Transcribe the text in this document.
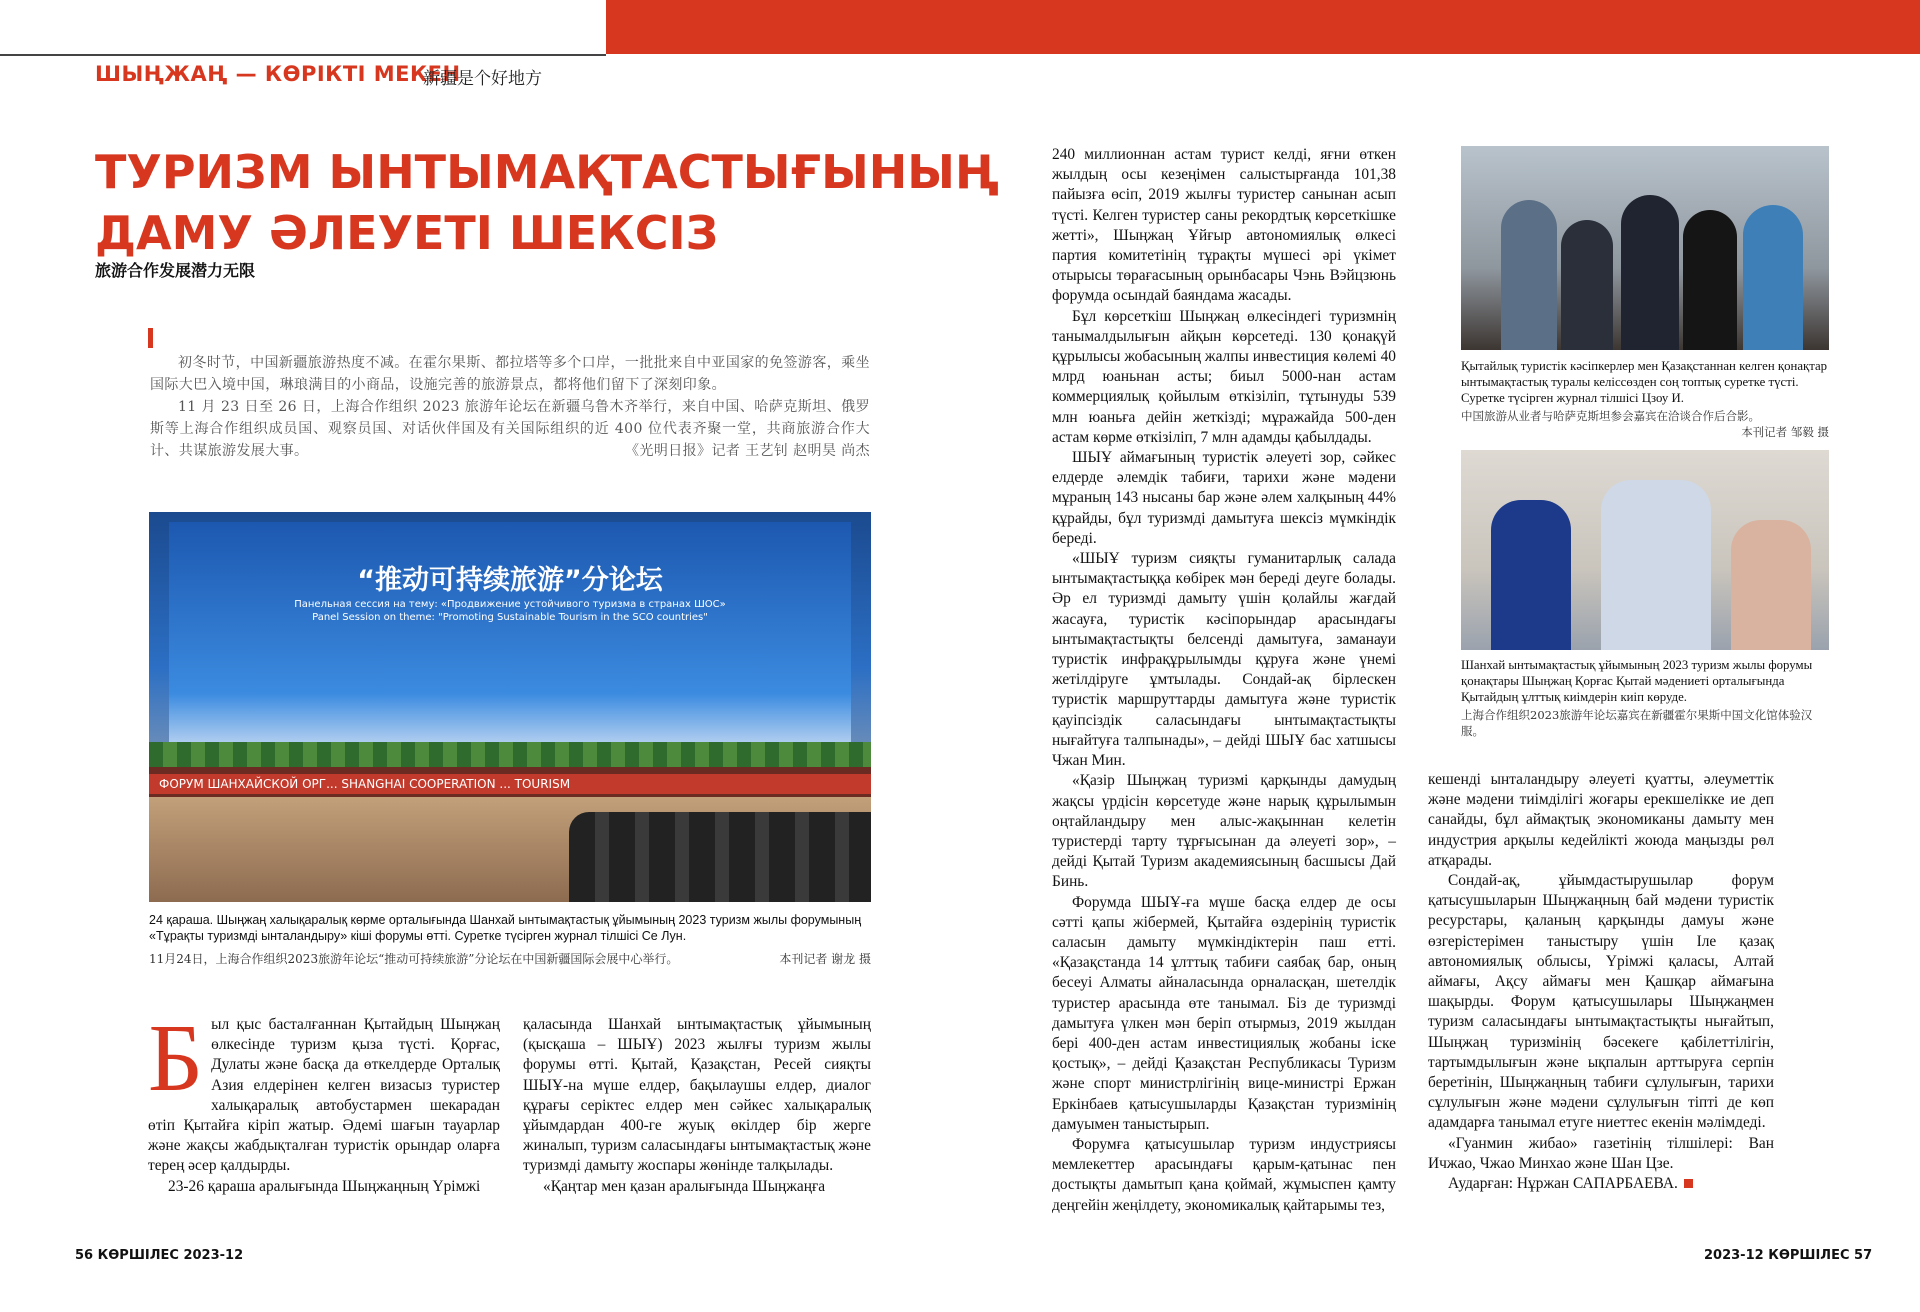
ШЫҢЖАҢ — КӨРІКТІ МЕКЕН
新疆是个好地方
ТУРИЗМ ЫНТЫМАҚТАСТЫҒЫНЫҢ
ДАМУ ӘЛЕУЕТІ ШЕКСІЗ
旅游合作发展潜力无限

初冬时节，中国新疆旅游热度不减。在霍尔果斯、都拉塔等多个口岸，一批批来自中亚国家的免签游客，乘坐国际大巴入境中国，琳琅满目的小商品，设施完善的旅游景点，都将他们留下了深刻印象。

11 月 23 日至 26 日，上海合作组织 2023 旅游年论坛在新疆乌鲁木齐举行，来自中国、哈萨克斯坦、俄罗斯等上海合作组织成员国、观察员国、对话伙伴国及有关国际组织的近 400 位代表齐聚一堂，共商旅游合作大计、共谋旅游发展大事。	《光明日报》记者 王艺钊 赵明昊 尚杰

“推动可持续旅游”分论坛
Панельная сессия на тему: «Продвижение устойчивого туризма в странах ШОС»
Panel Session on theme: "Promoting Sustainable Tourism in the SCO countries"
ФОРУМ ШАНХАЙСКОЙ ОРГ... SHANGHAI COOPERATION ... TOURISM
24 қараша. Шыңжаң халықаралық көрме орталығында Шанхай ынтымақтастық ұйымының 2023 туризм жылы форумының «Тұрақты туризмді ынталандыру» кіші форумы өтті. Суретке түсірген журнал тілшісі Се Лун.
11月24日，上海合作组织2023旅游年论坛“推动可持续旅游”分论坛在中国新疆国际会展中心举行。	本刊记者 谢龙 摄

Был қыс басталғаннан Қытайдың Шыңжаң өлкесінде туризм қыза түсті. Қорғас, Дулаты және басқа да өткелдерде Орталық Азия елдерінен келген визасыз туристер халықаралық автобустармен шекарадан өтіп Қытайға кіріп жатыр. Әдемі шағын тауарлар және жақсы жабдықталған туристік орындар оларға терең әсер қалдырды.

23-26 қараша аралығында Шыңжаңның Үрімжі

қаласында Шанхай ынтымақтастық ұйымының (қысқаша – ШЫҰ) 2023 жылғы туризм жылы форумы өтті. Қытай, Қазақстан, Ресей сияқты ШЫҰ-на мүше елдер, бақылаушы елдер, диалог құрағы серіктес елдер мен сәйкес халықаралық ұйымдардан 400-ге жуық өкілдер бір жерге жиналып, туризм саласындағы ынтымақтастық және туризмді дамыту жоспары жөнінде талқылады.

«Қаңтар мен қазан аралығында Шыңжаңға

240 миллионнан астам турист келді, яғни өткен жылдың осы кезеңімен салыстырғанда 101,38 пайызға өсіп, 2019 жылғы туристер санынан асып түсті. Келген туристер саны рекордтық көрсеткішке жетті», Шыңжаң Ұйғыр автономиялық өлкесі партия комитетінің тұрақты мүшесі әрі үкімет отырысы төрағасының орынбасары Чэнь Вэйцзюнь форумда осындай баяндама жасады.

Бұл көрсеткіш Шыңжаң өлкесіндегі туризмнің танымалдылығын айқын көрсетеді. 130 қонақүй құрылысы жобасының жалпы инвестиция көлемі 40 млрд юаньнан асты; биыл 5000-нан астам коммерциялық қойылым өткізіліп, тұтынуды 539 млн юаньға дейін жеткізді; мұражайда 500-ден астам көрме өткізіліп, 7 млн адамды қабылдады.

ШЫҰ аймағының туристік әлеуеті зор, сәйкес елдерде әлемдік табиғи, тарихи және мәдени мұраның 143 нысаны бар және әлем халқының 44% құрайды, бұл туризмді дамытуға шексіз мүмкіндік береді.

«ШЫҰ туризм сияқты гуманитарлық салада ынтымақтастыққа көбірек мән береді деуге болады. Әр ел туризмді дамыту үшін қолайлы жағдай жасауға, туристік кәсіпорындар арасындағы ынтымақтастықты белсенді дамытуға, заманауи туристік инфрақұрылымды құруға және үнемі жетілдіруге ұмтылады. Сондай-ақ бірлескен туристік маршруттарды дамытуға және туристік қауіпсіздік саласындағы ынтымақтастықты нығайтуға талпынады», – дейді ШЫҰ бас хатшысы Чжан Мин.

«Қазір Шыңжаң туризмі қарқынды дамудың жақсы үрдісін көрсетуде және нарық құрылымын оңтайландыру мен алыс-жақыннан келетін туристерді тарту тұрғысынан да әлеуеті зор», – дейді Қытай Туризм академиясының басшысы Дай Бинь.

Форумда ШЫҰ-ға мүше басқа елдер де осы сәтті қапы жібермей, Қытайға өздерінің туристік саласын дамыту мүмкіндіктерін паш етті. «Қазақстанда 14 ұлттық табиғи саябақ бар, оның бесеуі Алматы айналасында орналасқан, шетелдік туристер арасында өте танымал. Біз де туризмді дамытуға үлкен мән беріп отырмыз, 2019 жылдан бері 400-ден астам инвестициялық жобаны іске қостық», – дейді Қазақстан Республикасы Туризм және спорт министрлігінің вице-министрі Ержан Еркінбаев қатысушыларды Қазақстан туризмінің дамуымен таныстырып.

Форумға қатысушылар туризм индустриясы мемлекеттер арасындағы қарым-қатынас пен достықты дамытып қана қоймай, жұмыспен қамту деңгейін жеңілдету, экономикалық қайтарымы тез,

кешенді ынталандыру әлеуеті қуатты, әлеуметтік және мәдени тиімділігі жоғары ерекшелікке ие деп санайды, бұл аймақтық экономиканы дамыту мен индустрия арқылы кедейлікті жоюда маңызды рөл атқарады.

Сондай-ақ, ұйымдастырушылар форум қатысушыларын Шыңжаңның бай мәдени туристік ресурстары, қаланың қарқынды дамуы және өзгерістерімен таныстыру үшін Іле қазақ автономиялық облысы, Үрімжі қаласы, Алтай аймағы, Ақсу аймағы мен Қашқар аймағына шақырды. Форум қатысушылары Шыңжаңмен туризм саласындағы ынтымақтастықты нығайтып, Шыңжаң туризмінің бәсекеге қабілеттілігін, тартымдылығын және ықпалын арттыруға серпін беретінін, Шыңжаңның табиғи сұлулығын, тарихи сұлулығын және мәдени сұлулығын тіпті де көп адамдарға танымал етуге ниеттес екенін мәлімдеді.

«Гуанмин жибао» газетінің тілшілері: Ван Ичжао, Чжао Минхао және Шан Цзе.

Аударған: Нұржан САПАРБАЕВА.

Қытайлық туристік кәсіпкерлер мен Қазақстаннан келген қонақтар ынтымақтастық туралы келіссөзден соң топтық суретке түсті. Суретке түсірген журнал тілшісі Цзоу И.
中国旅游从业者与哈萨克斯坦参会嘉宾在洽谈合作后合影。
本刊记者 邹毅 摄
Шанхай ынтымақтастық ұйымының 2023 туризм жылы форумы қонақтары Шыңжаң Қорғас Қытай мәдениеті орталығында Қытайдың ұлттық киімдерін киіп көруде.
上海合作组织2023旅游年论坛嘉宾在新疆霍尔果斯中国文化馆体验汉服。
56 КӨРШІЛЕС 2023-12	2023-12 КӨРШІЛЕС 57
